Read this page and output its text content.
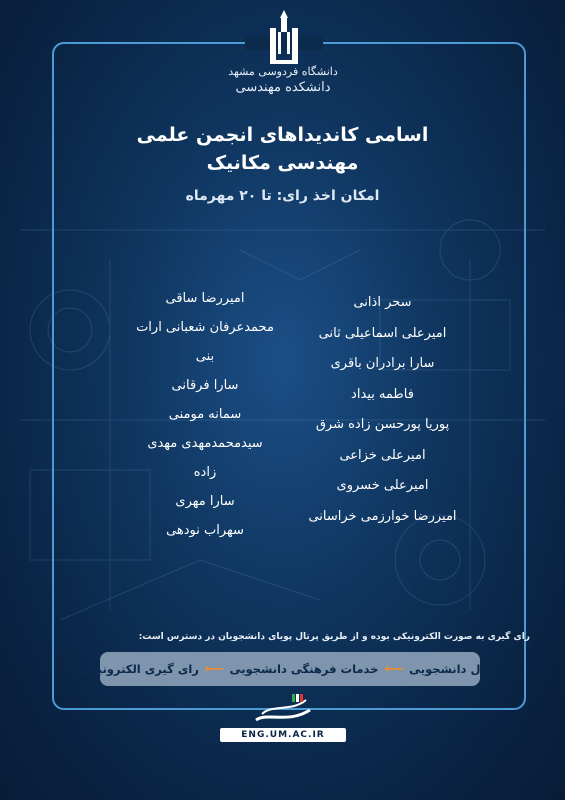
دانشگاه فردوسی مشهد
دانشکده مهندسی
اسامی کاندیداهای انجمن علمی
مهندسی مکانیک
امکان اخذ رای: تا ۲۰ مهرماه
سحر اذانی
امیرعلی اسماعیلی ثانی
سارا برادران باقری
فاطمه بیداد
پوریا پورحسن زاده شرق
امیرعلی خزاعی
امیرعلی خسروی
امیررضا خوارزمی خراسانی
امیررضا ساقی
محمدعرفان شعبانی ارات
بنی
سارا فرقانی
سمانه مومنی
سیدمحمدمهدی مهدی
زاده
سارا مهری
سهراب نودهی
رای گیری به صورت الکترونیکی بوده و از طریق پرتال پویای دانشجویان در دسترس است:
پرتال دانشجویی
⟵
خدمات فرهنگی دانشجویی
⟵
رای گیری الکترونیکی
ENG.UM.AC.IR
